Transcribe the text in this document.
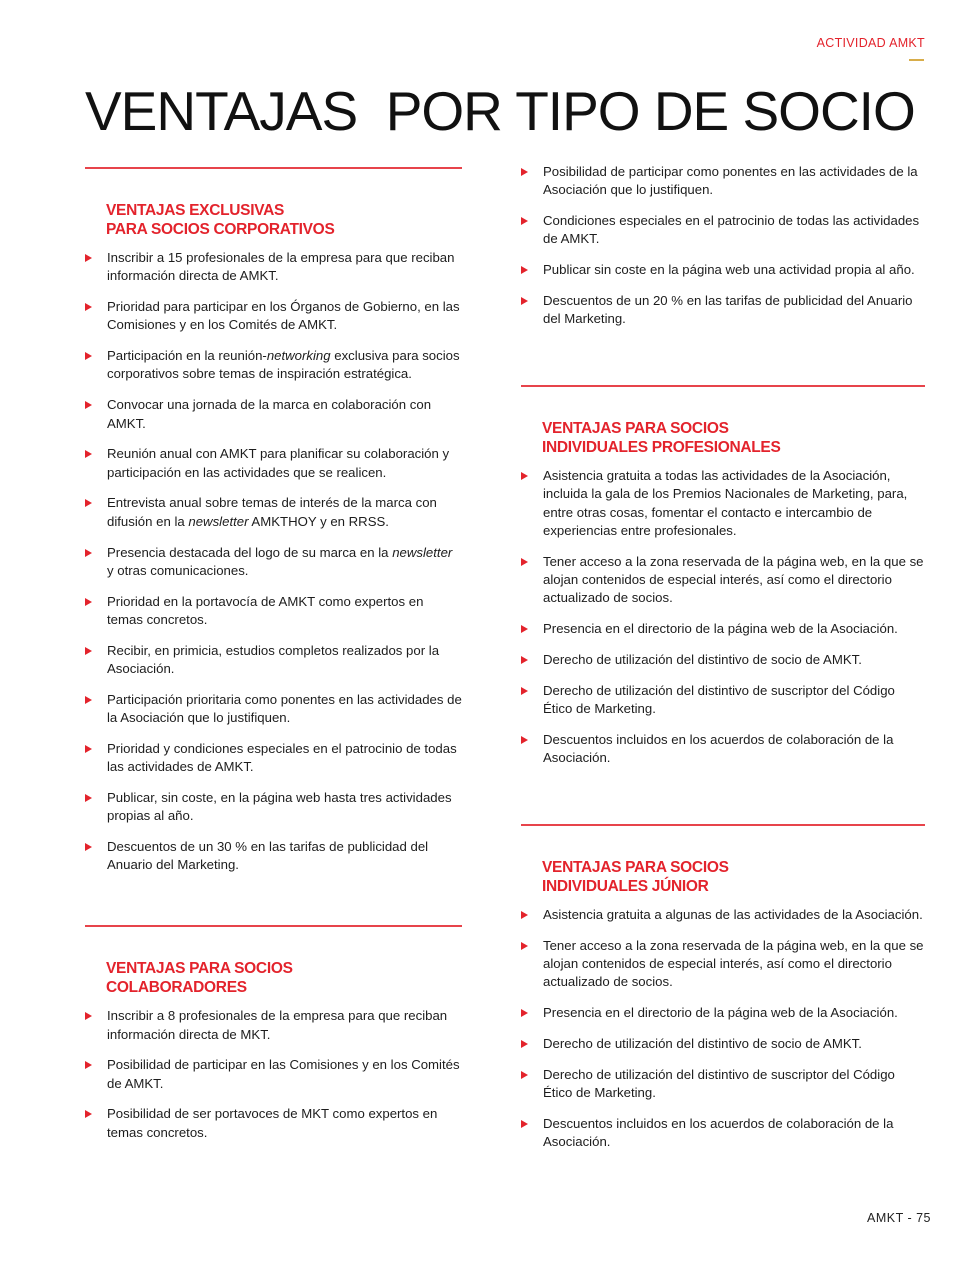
ACTIVIDAD AMKT
VENTAJAS  POR TIPO DE SOCIO
VENTAJAS EXCLUSIVAS
PARA SOCIOS CORPORATIVOS
Inscribir a 15 profesionales de la empresa para que reciban información directa de AMKT.
Prioridad para participar en los Órganos de Gobierno, en las Comisiones y en los Comités de AMKT.
Participación en la reunión-networking exclusiva para socios corporativos sobre temas de inspiración estratégica.
Convocar una jornada de la marca en colaboración con AMKT.
Reunión anual con AMKT para planificar su colaboración y participación en las actividades que se realicen.
Entrevista anual sobre temas de interés de la marca con difusión en la newsletter AMKTHOY y en RRSS.
Presencia destacada del logo de su marca en la newsletter y otras comunicaciones.
Prioridad en la portavocía de AMKT como expertos en temas concretos.
Recibir, en primicia, estudios completos realizados por la Asociación.
Participación prioritaria como ponentes en las actividades de la Asociación que lo justifiquen.
Prioridad y condiciones especiales en el patrocinio de todas las actividades de AMKT.
Publicar, sin coste, en la página web hasta tres actividades propias al año.
Descuentos de un 30 % en las tarifas de publicidad del Anuario del Marketing.
VENTAJAS PARA SOCIOS
COLABORADORES
Inscribir a 8 profesionales de la empresa para que reciban información directa de MKT.
Posibilidad de participar en las Comisiones y en los Comités de AMKT.
Posibilidad de ser portavoces de MKT como expertos en temas concretos.
Posibilidad de participar como ponentes en las actividades de la Asociación que lo justifiquen.
Condiciones especiales en el patrocinio de todas las actividades de AMKT.
Publicar sin coste en la página web una actividad propia al año.
Descuentos de un 20 % en las tarifas de publicidad del Anuario del Marketing.
VENTAJAS PARA SOCIOS
INDIVIDUALES PROFESIONALES
Asistencia gratuita a todas las actividades de la Asociación, incluida la gala de los Premios Nacionales de Marketing, para, entre otras cosas, fomentar el contacto e intercambio de experiencias entre profesionales.
Tener acceso a la zona reservada de la página web, en la que se alojan contenidos de especial interés, así como el directorio actualizado de socios.
Presencia en el directorio de la página web de la Asociación.
Derecho de utilización del distintivo de socio de AMKT.
Derecho de utilización del distintivo de suscriptor del Código Ético de Marketing.
Descuentos incluidos en los acuerdos de colaboración de la Asociación.
VENTAJAS PARA SOCIOS
INDIVIDUALES JÚNIOR
Asistencia gratuita a algunas de las actividades de la Asociación.
Tener acceso a la zona reservada de la página web, en la que se alojan contenidos de especial interés, así como el directorio actualizado de socios.
Presencia en el directorio de la página web de la Asociación.
Derecho de utilización del distintivo de socio de AMKT.
Derecho de utilización del distintivo de suscriptor del Código Ético de Marketing.
Descuentos incluidos en los acuerdos de colaboración de la Asociación.
AMKT - 75
